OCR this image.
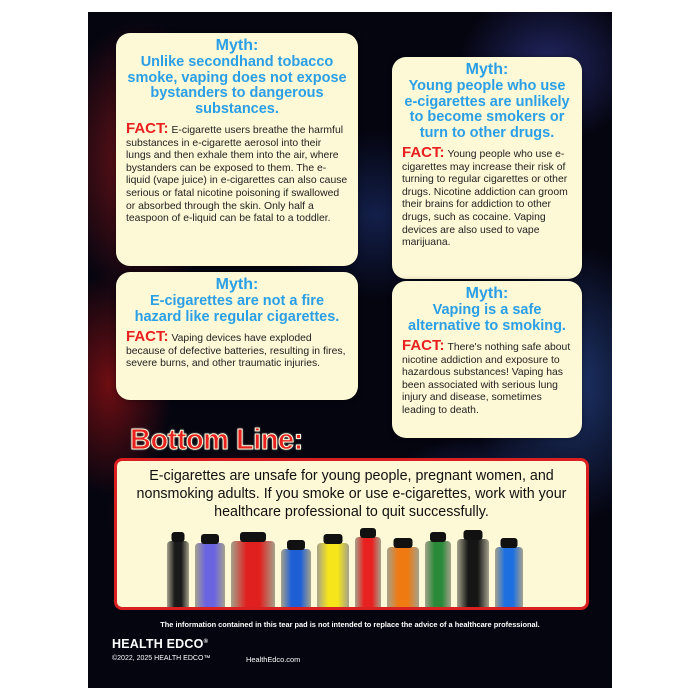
Myth:

Unlike secondhand tobacco smoke, vaping does not expose bystanders to dangerous substances.

FACT: E-cigarette users breathe the harmful substances in e-cigarette aerosol into their lungs and then exhale them into the air, where bystanders can be exposed to them. The e-liquid (vape juice) in e-cigarettes can also cause serious or fatal nicotine poisoning if swallowed or absorbed through the skin. Only half a teaspoon of e-liquid can be fatal to a toddler.

Myth:

Young people who use e-cigarettes are unlikely to become smokers or turn to other drugs.

FACT: Young people who use e-cigarettes may increase their risk of turning to regular cigarettes or other drugs. Nicotine addiction can groom their brains for addiction to other drugs, such as cocaine. Vaping devices are also used to vape marijuana.

Myth:

E-cigarettes are not a fire hazard like regular cigarettes.

FACT: Vaping devices have exploded because of defective batteries, resulting in fires, severe burns, and other traumatic injuries.

Myth:

Vaping is a safe alternative to smoking.

FACT: There's nothing safe about nicotine addiction and exposure to hazardous substances! Vaping has been associated with serious lung injury and disease, sometimes leading to death.

Bottom Line:

E-cigarettes are unsafe for young people, pregnant women, and nonsmoking adults. If you smoke or use e-cigarettes, work with your healthcare professional to quit successfully.

The information contained in this tear pad is not intended to replace the advice of a healthcare professional.
HEALTH EDCO®
©2022, 2025 HEALTH EDCO™	HealthEdco.com
